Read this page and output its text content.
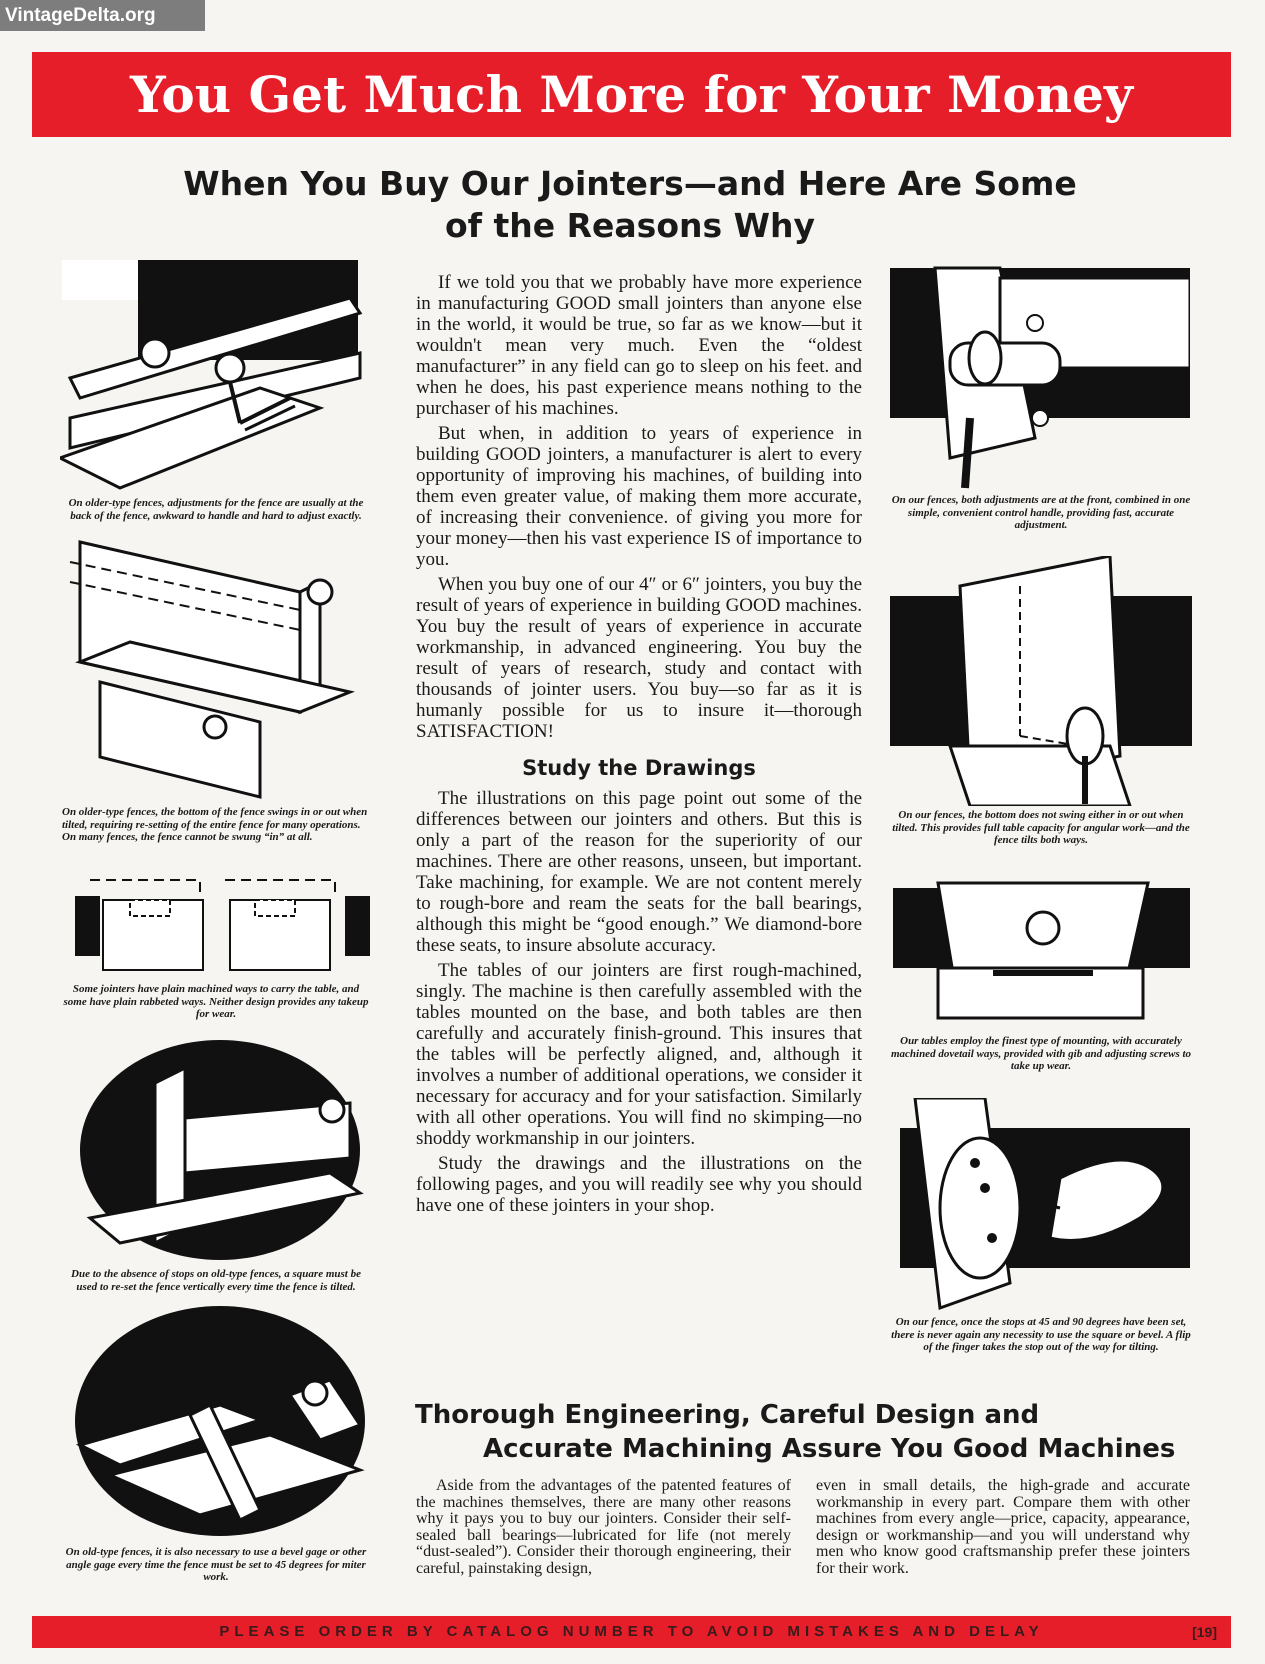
VintageDelta.org
You Get Much More for Your Money
When You Buy Our Jointers—and Here Are Some
of the Reasons Why
On older-type fences, adjustments for the fence are usually at the back of the fence, awkward to handle and hard to adjust exactly.
On older-type fences, the bottom of the fence swings in or out when tilted, requiring re-setting of the entire fence for many operations. On many fences, the fence cannot be swung “in” at all.
Some jointers have plain machined ways to carry the table, and some have plain rabbeted ways. Neither design provides any takeup for wear.
Due to the absence of stops on old-type fences, a square must be used to re-set the fence vertically every time the fence is tilted.
On old-type fences, it is also necessary to use a bevel gage or other angle gage every time the fence must be set to 45 degrees for miter work.

If we told you that we probably have more experience in manufacturing GOOD small jointers than anyone else in the world, it would be true, so far as we know—but it wouldn't mean very much. Even the “oldest manufacturer” in any field can go to sleep on his feet. and when he does, his past experience means nothing to the purchaser of his machines.

But when, in addition to years of experience in building GOOD jointers, a manufacturer is alert to every opportunity of improving his machines, of building into them even greater value, of making them more accurate, of increasing their convenience. of giving you more for your money—then his vast experience IS of importance to you.

When you buy one of our 4″ or 6″ jointers, you buy the result of years of experience in building GOOD machines. You buy the result of years of experience in accurate workmanship, in advanced engineering. You buy the result of years of research, study and contact with thousands of jointer users. You buy—so far as it is humanly possible for us to insure it—thorough SATISFACTION!

Study the Drawings

The illustrations on this page point out some of the differences between our jointers and others. But this is only a part of the reason for the superiority of our machines. There are other reasons, unseen, but important. Take machining, for example. We are not content merely to rough-bore and ream the seats for the ball bearings, although this might be “good enough.” We diamond-bore these seats, to insure absolute accuracy.

The tables of our jointers are first rough-machined, singly. The machine is then carefully assembled with the tables mounted on the base, and both tables are then carefully and accurately finish-ground. This insures that the tables will be perfectly aligned, and, although it involves a number of additional operations, we consider it necessary for accuracy and for your satisfaction. Similarly with all other operations. You will find no skimping—no shoddy workmanship in our jointers.

Study the drawings and the illustrations on the following pages, and you will readily see why you should have one of these jointers in your shop.

On our fences, both adjustments are at the front, combined in one simple, convenient control handle, providing fast, accurate adjustment.
On our fences, the bottom does not swing either in or out when tilted. This provides full table capacity for angular work—and the fence tilts both ways.
Our tables employ the finest type of mounting, with accurately machined dovetail ways, provided with gib and adjusting screws to take up wear.
On our fence, once the stops at 45 and 90 degrees have been set, there is never again any necessity to use the square or bevel. A flip of the finger takes the stop out of the way for tilting.
Thorough Engineering, Careful Design and
Accurate Machining Assure You Good Machines

Aside from the advantages of the patented features of the machines themselves, there are many other reasons why it pays you to buy our jointers. Consider their self-sealed ball bearings—lubricated for life (not merely “dust-sealed”). Consider their thorough engineering, their careful, painstaking design,

even in small details, the high-grade and accurate workmanship in every part. Compare them with other machines from every angle—price, capacity, appearance, design or workmanship—and you will understand why men who know good craftsmanship prefer these jointers for their work.

PLEASE ORDER BY CATALOG NUMBER TO AVOID MISTAKES AND DELAY	[19]
